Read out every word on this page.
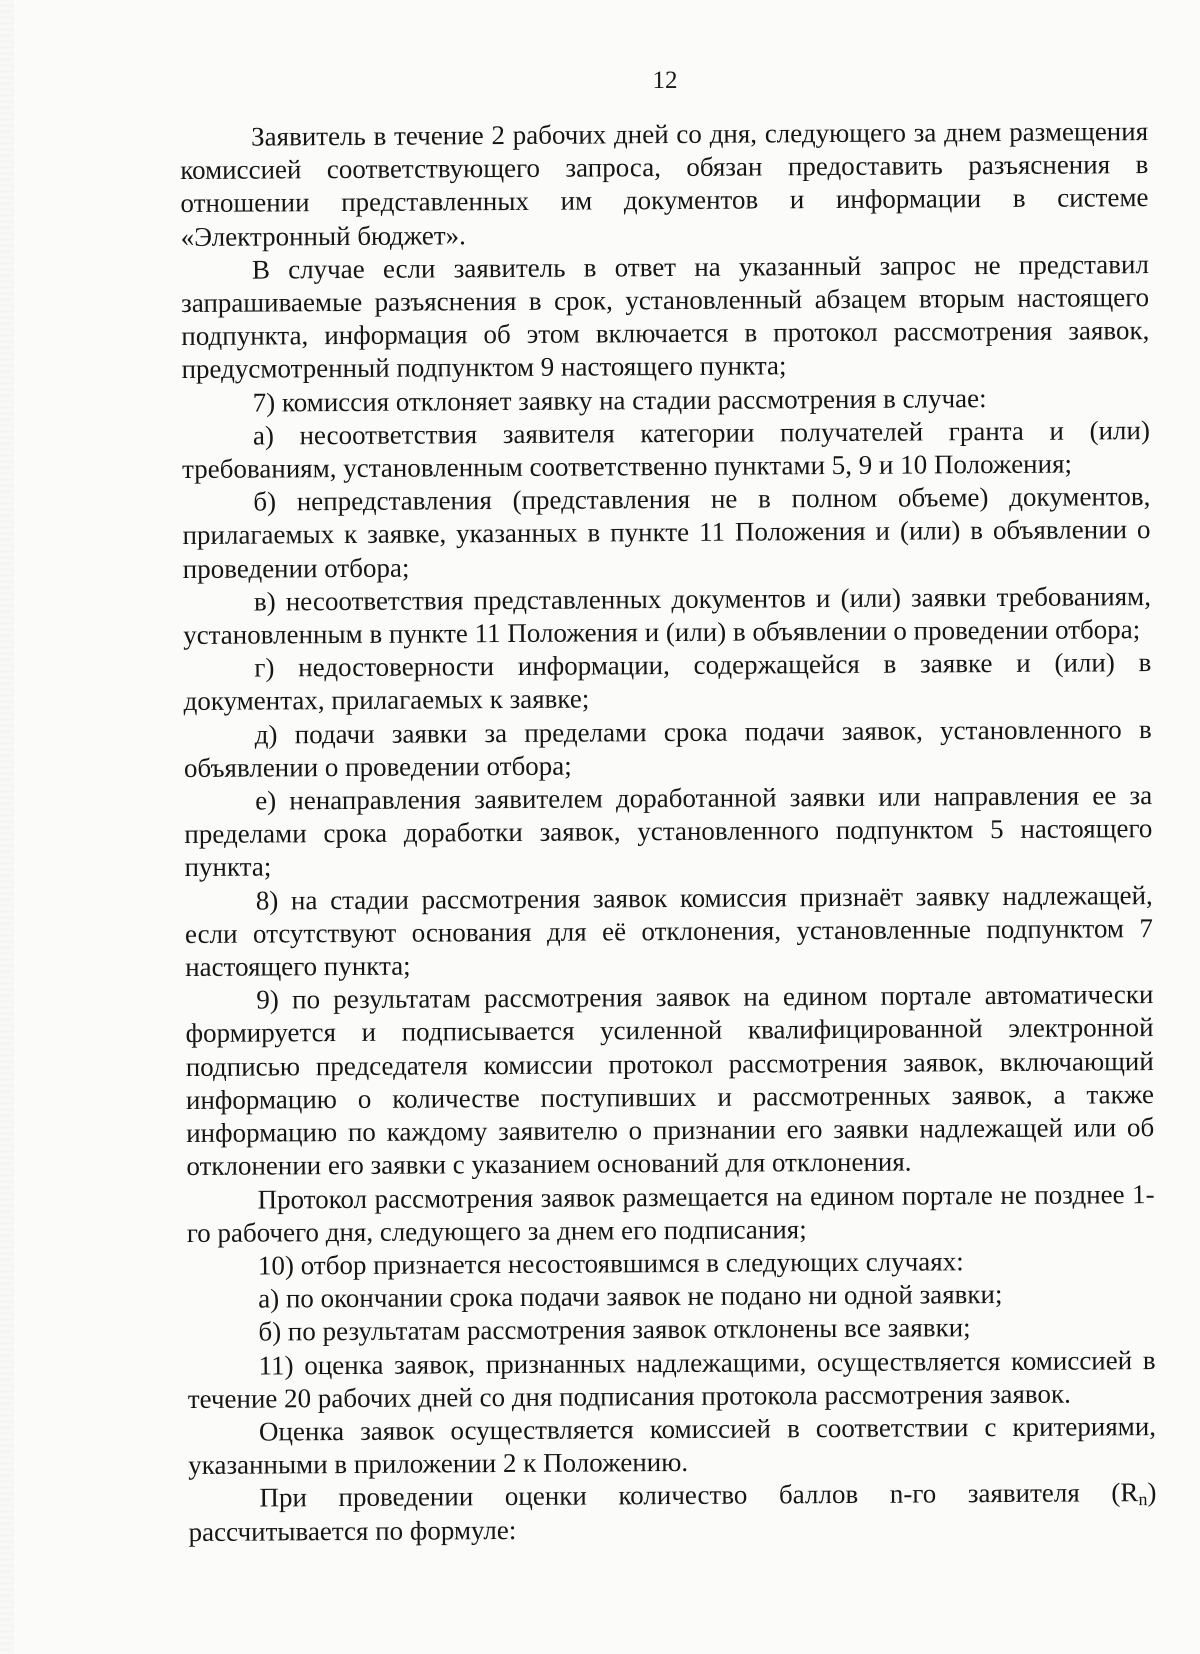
12

Заявитель в течение 2 рабочих дней со дня, следующего за днем размещения комиссией соответствующего запроса, обязан предоставить разъяснения в отношении представленных им документов и информации в системе «Электронный бюджет».

В случае если заявитель в ответ на указанный запрос не представил запрашиваемые разъяснения в срок, установленный абзацем вторым настоящего подпункта, информация об этом включается в протокол рассмотрения заявок, предусмотренный подпунктом 9 настоящего пункта;

7) комиссия отклоняет заявку на стадии рассмотрения в случае:

а) несоответствия заявителя категории получателей гранта и (или) требованиям, установленным соответственно пунктами 5, 9 и 10 Положения;

б) непредставления (представления не в полном объеме) документов, прилагаемых к заявке, указанных в пункте 11 Положения и (или) в объявлении о проведении отбора;

в) несоответствия представленных документов и (или) заявки требованиям, установленным в пункте 11 Положения и (или) в объявлении о проведении отбора;

г) недостоверности информации, содержащейся в заявке и (или) в документах, прилагаемых к заявке;

д) подачи заявки за пределами срока подачи заявок, установленного в объявлении о проведении отбора;

е) ненаправления заявителем доработанной заявки или направления ее за пределами срока доработки заявок, установленного подпунктом 5 настоящего пункта;

8) на стадии рассмотрения заявок комиссия признаёт заявку надлежащей, если отсутствуют основания для её отклонения, установленные подпунктом 7 настоящего пункта;

9) по результатам рассмотрения заявок на едином портале автоматически формируется и подписывается усиленной квалифицированной электронной подписью председателя комиссии протокол рассмотрения заявок, включающий информацию о количестве поступивших и рассмотренных заявок, а также информацию по каждому заявителю о признании его заявки надлежащей или об отклонении его заявки с указанием оснований для отклонения.

Протокол рассмотрения заявок размещается на едином портале не позднее 1-го рабочего дня, следующего за днем его подписания;

10) отбор признается несостоявшимся в следующих случаях:

а) по окончании срока подачи заявок не подано ни одной заявки;

б) по результатам рассмотрения заявок отклонены все заявки;

11) оценка заявок, признанных надлежащими, осуществляется комиссией в течение 20 рабочих дней со дня подписания протокола рассмотрения заявок.

Оценка заявок осуществляется комиссией в соответствии с критериями, указанными в приложении 2 к Положению.

При проведении оценки количество баллов n-го заявителя $(R_n)$ рассчитывается по формуле:
